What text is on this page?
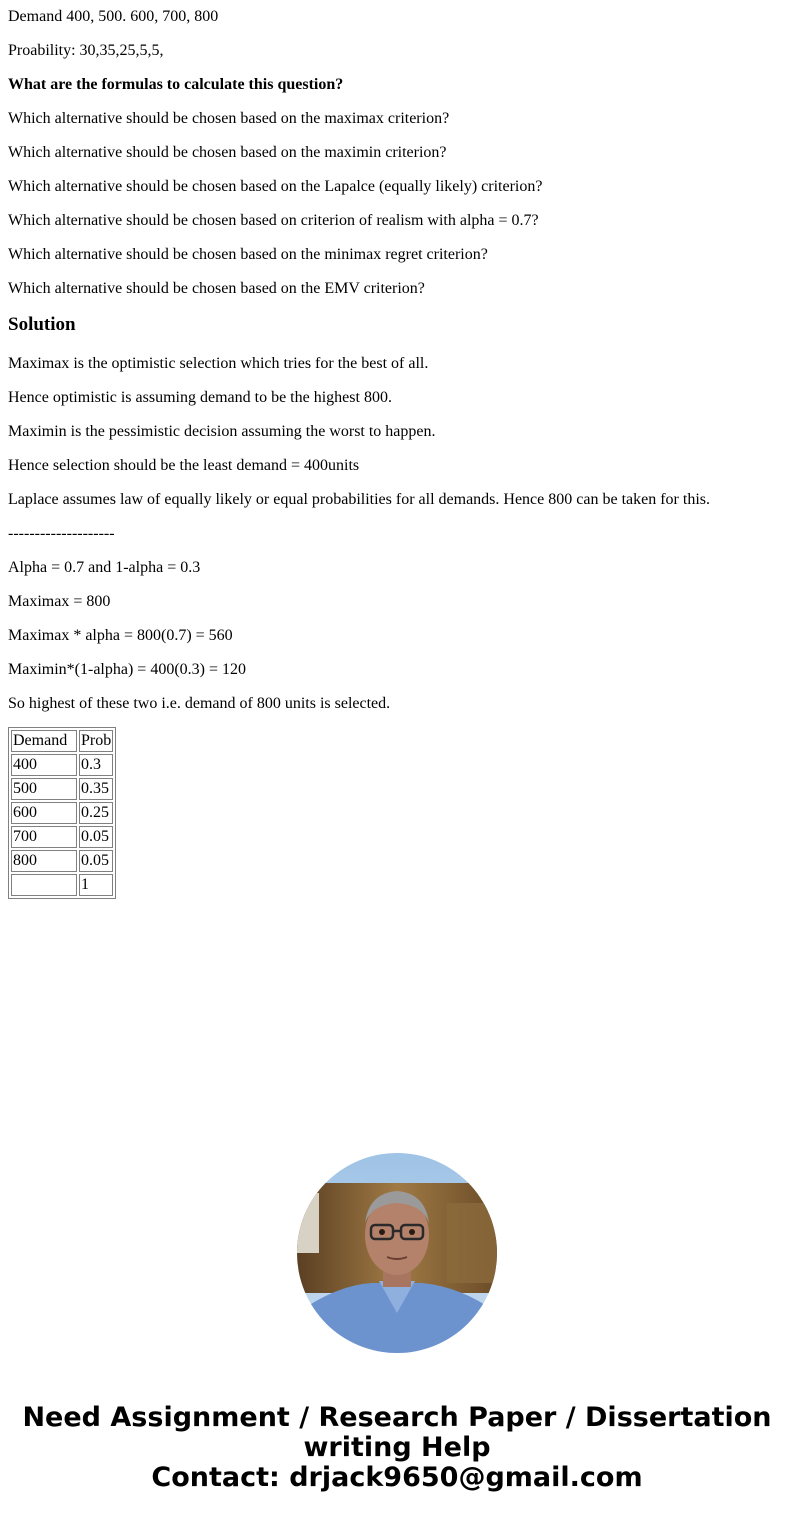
Demand 400, 500. 600, 700, 800

Proability: 30,35,25,5,5,

What are the formulas to calculate this question?

Which alternative should be chosen based on the maximax criterion?

Which alternative should be chosen based on the maximin criterion?

Which alternative should be chosen based on the Lapalce (equally likely) criterion?

Which alternative should be chosen based on criterion of realism with alpha = 0.7?

Which alternative should be chosen based on the minimax regret criterion?

Which alternative should be chosen based on the EMV criterion?

Solution

Maximax is the optimistic selection which tries for the best of all.

Hence optimistic is assuming demand to be the highest 800.

Maximin is the pessimistic decision assuming the worst to happen.

Hence selection should be the least demand = 400units

Laplace assumes law of equally likely or equal probabilities for all demands. Hence 800 can be taken for this.

--------------------

Alpha = 0.7 and 1-alpha = 0.3

Maximax = 800

Maximax * alpha = 800(0.7) = 560

Maximin*(1-alpha) = 400(0.3) = 120

So highest of these two i.e. demand of 800 units is selected.

Demand	Prob
400	0.3
500	0.35
600	0.25
700	0.05
800	0.05
	1
Need Assignment / Research Paper / Dissertation
writing Help
Contact: drjack9650@gmail.com
